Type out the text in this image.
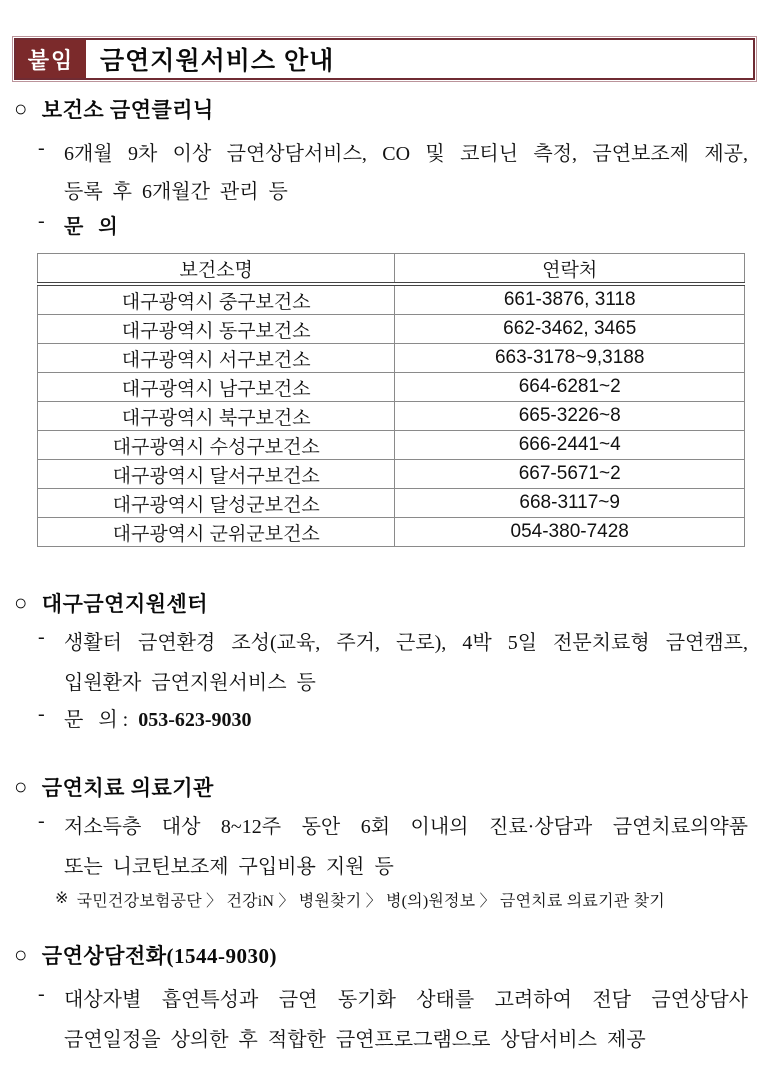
붙임	금연지원서비스 안내
○ 보건소 금연클리닉
- 6개월 9차 이상 금연상담서비스, CO 및 코티닌 측정, 금연보조제 제공,
등록 후 6개월간 관리 등
- 문   의
보건소명	연락처
대구광역시 중구보건소	661-3876, 3118
대구광역시 동구보건소	662-3462, 3465
대구광역시 서구보건소	663-3178~9,3188
대구광역시 남구보건소	664-6281~2
대구광역시 북구보건소	665-3226~8
대구광역시 수성구보건소	666-2441~4
대구광역시 달서구보건소	667-5671~2
대구광역시 달성군보건소	668-3117~9
대구광역시 군위군보건소	054-380-7428
○ 대구금연지원센터
- 생활터 금연환경 조성(교육, 주거, 근로), 4박 5일 전문치료형 금연캠프,
입원환자 금연지원서비스 등
- 문   의 : 053-623-9030
○ 금연치료 의료기관
- 저소득층 대상 8~12주 동안 6회 이내의 진료·상담과 금연치료의약품
또는 니코틴보조제 구입비용 지원 등
※ 국민건강보험공단 〉 건강iN 〉 병원찾기 〉 병(의)원정보 〉 금연치료 의료기관 찾기
○ 금연상담전화(1544-9030)
- 대상자별 흡연특성과 금연 동기화 상태를 고려하여 전담 금연상담사
금연일정을 상의한 후 적합한 금연프로그램으로 상담서비스 제공
